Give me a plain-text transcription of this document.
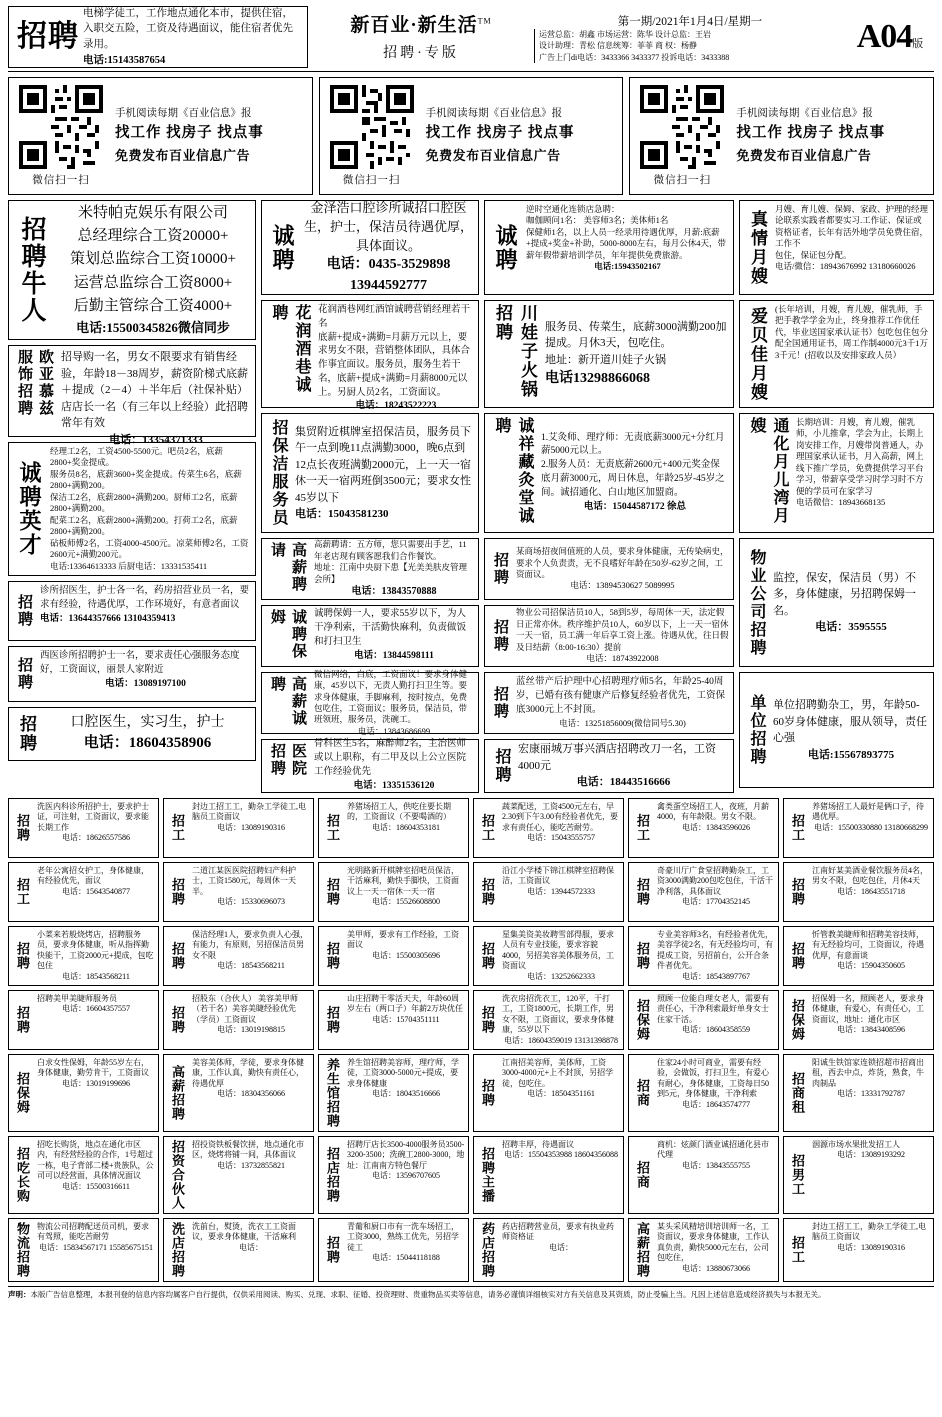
招聘
电梯学徒工，工作地点通化本市，提供住宿，入职交五险，工资及待遇面议，能住宿者优先录用。
电话:15143587654
新百业·新生活™
招聘·专版
第一期/2021年1月4日/星期一
运营总监：胡鑫 市场运营：陈华 设计总监：王岩
设计助理：青松 信息统筹：菲菲 商 权：杨静
广告上门di电话：3433366 3433377 投诉电话：3433388
A04版
微信扫一扫
手机阅读每期《百业信息》报
找工作 找房子 找点事
免费发布百业信息广告
微信扫一扫
手机阅读每期《百业信息》报
找工作 找房子 找点事
免费发布百业信息广告
微信扫一扫
手机阅读每期《百业信息》报
找工作 找房子 找点事
免费发布百业信息广告
招聘牛人
米特帕克娱乐有限公司
总经理综合工资20000+
策划总监综合工资10000+
运营总监综合工资8000+
后勤主管综合工资4000+
电话:15500345826微信同步
欧亚慕兹服饰招聘	招导购一名，男女不限要求有销售经验，年龄18－38周岁，薪资阶梯式底薪＋提成（2－4）＋半年后（社保补贴）店店长一名（有三年以上经验）此招聘常年有效
电话：13354371333
诚聘英才
经理工2名，工资4500-5500元。吧员2名，底薪2800+奖金提成。
服务员8名，底薪3600+奖金提成。传菜生6名，底薪2800+满勤200。
保洁工2名，底薪2800+满勤200。厨师工2名，底薪2800+满勤200。
配菜工2名，底薪2800+满勤200。打荷工2名，底薪2800+满勤200。
砧板师傅2名，工资4000-4500元。凉菜师傅2名，工资2600元+满勤200元。
电话:13364613333 后厨电话：13331535411
招聘
诊所招医生，护士各一名，药房招营业员一名，要求有经验，待遇优厚，工作环境好，有意者面议
电话：13644357666 13104359413
招聘
西医诊所招聘护士一名，要求责任心强服务态度好，工资面议，丽景人家附近
电话：13089197100
招聘	口腔医生，实习生，护士
电话：18604358906
诚聘
金泽浩口腔诊所诚招口腔医生，护士，保洁员待遇优厚，具体面议。
电话：0435-3529898 13944592777
花润酒巷诚聘	花润酒巷网红酒馆诚聘营销经理若干名
底薪+提成+满勤=月薪万元以上，要求男女不限，营销整体团队，具体合作事宜面议。服务员，服务生若干名，底薪+提成+满勤=月薪8000元以上。另厨人员2名，工资面议。
电话：18243522223
招保洁服务员 集贸附近棋牌室招保洁员，服务员下午一点到晚11点满勤3000，晚6点到12点长夜班满勤2000元，上一天一宿休一天一宿两班倒3500元；要求女性45岁以下
电话：15043581230
高薪聘请	高薪聘请：五方师，您只需要出手艺，11年老店现有顾客愿我们合作餐饮。
地址：江南中央厨下患【光美美肤皮管理会所】
电话：13843570888
诚聘保姆	诚聘保姆一人，要求55岁以下，为人干净利索，干活勤快麻利，负责做饭和打扫卫生
电话：13844598111
高薪诚聘
微信网络，白底，工资面议！要求身体健康，45岁以下，无责人勤打扫卫生等。要求身体健康，手脚麻利，按时按点，免费包吃住，工资面议；服务员，保洁员，带班领班，服务员，洗碗工。
电话：13843686699
医院招聘	骨科医生5名，麻醉师2名，主治医师或以上职称，有二甲及以上公立医院工作经验优先
电话：13351536120
诚聘
逆时空通化连锁店急聘：
咖伽顾问1名： 美容师3名；美体师1名
保健师1名，以上人员一经录用待遇优厚，月薪:底薪+提成+奖金+补助，5000-8000左右，每月公休4天，带薪年假带薪培训学员，年年提供免费旅游。
电话:15943502167
川娃子火锅招聘	服务员、传菜生，底薪3000满勤200加提成。月休3天，包吃住。
地址：新开道川娃子火锅
电话13298866068
诚祥藏灸堂诚聘
1.艾灸师、理疗师：无责底薪3000元+分红月薪5000元以上。
2.服务人员：无责底薪2600元+400元奖金保底月薪3000元，周日休息，年龄25岁-45岁之间。诚招通化、白山地区加盟商。
电话：15044587172 徐总
招聘
某商场招夜间值班的人员，要求身体健康，无传染病史，要求个人负责责，无不良嗜好年龄在50岁-62岁之间，工资面议。
电话：13894530627 5089995
招聘
物业公司招保洁员10人，58到5岁，每周休一天，法定假日正常亦休。秩序维护员10人，60岁以下，上一天一宿休一天一宿，员工满一年后享工资上涨。待遇从优，往日假及日结薪（8:00-16:30）提前
电话：18743922008
招聘
蓝丝带产后护理中心招聘理疗师5名，年龄25-40周岁，已婚有孩有健康产后修复经验者优先，工资保底3000元上不封顶。
电话：13251856009(微信同号5.30)
招聘 宏康丽城万事兴酒店招聘改刀一名，工资4000元
电话：18443516666
真情月嫂
月嫂、育儿嫂、保姆、家政、护理的经理论联系实践者都要实习.工作证、保证或资格证者，长年有活外地学员免费住宿，工作不
包住，保证包分配。
电话/微信：18943676992 13180660026
爱贝佳月嫂 (长年培训，月嫂，育儿嫂，催乳师，手把手教学学金为止，终身推荐工作优任代，毕业送国家承认证书）包吃包住包分配全国通用证书，周工作制4000元3千1万3千元！(招收以及安排家政人员）
通化月儿湾月嫂	长期培训：月嫂，育儿嫂，催乳师，小儿推拿，学会为止，长期上岗安排工作，月嫂带岗普通人，办理国家承认证书，月入高薪，网上线下推广学员，免费提供学习平台学习，带薪享受学习时学习时不方便的学员可在家学习
电话微信：18943668135
物业公司招聘 监控，保安，保洁员（男）不多，身体健康，另招聘保姆一名。
电话：3595555
单位招聘 单位招聘勤杂工，男，年龄50-60岁身体健康，服从领导，责任心强
电话:15567893775
招聘
洗医内科诊所招护士，要求护士证，可注射，工资面议，要求能长期工作
电话：18626557586	招工
封边工招工工，勤杂工学徒工,电脑员工资面议
电话：13089190316	招工
养猪场招工人，供吃住要长期的，工资面议（不要喝酒的）
电话：18604353181	招工
蔬菜配送，工资4500元左右，早2.30到下午3.00有经验者优先，要求有责任心，能吃苦耐劳。
电话：15043555757	招工
禽类蛋空场招工人，夜班，月薪4000，有年龄限。男女不限。
电话：13843596026	招工
养猪场招工人最好是俩口子，待遇优厚。
电话：15500330880 13180668299
招工
老年公寓招女护工，身体健康，有经验优先，面议
电话：15643540877	招聘
二道江某医医院招聘妇产科护士，工资1580元，每周休一天半。
电话：15330696073	招聘
光明路新开棋牌室招吧员保洁，干活麻利，勤快手脚快，工资面议上一天一宿休一天一宿
电话：15526608800	招聘
沿江小学楼下锦江棋牌室招聘保洁，工资面议
电话：13944572333	招聘
奇豪川厅广食堂招聘勤杂工，工资3000满勤200包吃包住，干活干净利落，具体面议
电话：17704352145	招聘
江南好某美酒业餐饮服务员4名，男女不限，包吃包住，月休4天
电话：18643551718
招聘
小菜来若般烧烤店，招聘服务员，要求身体健康，听从指挥勤快能干，工资2000元+提成，包吃包住
电话：18543568211
招聘
保洁经理1人，要求负责人心强，有能力，有原则，另招保洁员男女不限
电话：18543568211	招聘
美甲师，要求有工作经验，工资面议
电话：15500305696	招聘
星集美资美妆聘雪部得服，要求人员有专业技能，要求容貌4000，另招美容美体服务员，工资面议
电话：13252662333
招聘
专业美容师3名，有经验者优先，美容学徒2名，有无经验均可，有提成工资，另招前台，公开合条件者优先。
电话：18543897767
招聘
忻管教美睫师和招聘美容技师，有无经验均可，工资面议，待遇优厚，有意面谈
电话：15904350605
招聘
招聘美甲美睫师服务员
电话：16604357557	招聘
招股东（合伙人） 美容美甲师（若干名）美容美睫经验优先（学员）工资面议
电话：13019198815	招聘
山庄招聘干零活天夫，年龄60周岁左右（两口子）年薪2万块优任
电话：15704351111	招聘
洗衣房招洗衣工，120平，干打工，工资1800元，长期工作，男女不限，工资面议，要求身体健康，55岁以下
电话：18604359019 13131398878 招保姆
照顾一位能自理女老人，需要有责任心，干净利索最好单身女士住家干活。
电话：18604358559	招保姆
招保姆一名，照顾老人，要求身体健康，有爱心，有责任心，工资面议，地址：通化市区
电话：13843408596
招保姆
白求女性保姆，年龄55岁左右，身体健康，勤劳肯干，工资面议
电话：13019199696	高薪招聘
美容美体师，学徒，要求身体健康，工作认真，勤快有责任心，待遇优厚
电话：18304356066	养生馆招聘 养生馆招聘美容师，理疗师，学徒，工资3000-5000元+提成，要求身体健康
电话：18043516666	招聘
江南招美容师，美体师，工资3000-4000元+上不封顶，另招学徒，包吃住。
电话：18504351161	招商
住家24小时可商业，需要有经验，会做饭，打扫卫生，有爱心有耐心，身体健康，工资每日50到5元，身体健康，干净利索
电话：18643574777	招商租
阳诚生铁馆家连锁招超市招商出租，西去中点，炸货，熟食，牛肉制品
电话：13331792787
招吃长购
招吃长购货，地点在通化市区内，有经营经验的合作，1号超过一栋，电子背部二楼+贵族队，公司可以经营面，具体情况面议
电话：15500316611	招资合伙人 招投资铁板餐饮拼，地点通化市区，烧烤将铺一间，具体面议
电话：13732855821	招店招聘
招聘厅店长3500-4000服务员3500-3200-3500；洗碗工2800-3000，地址：江南南方特色餐厅
电话：13596707605	招聘主播
招聘丰厚，待遇面议
电话：15504353988 18604356088
招商
商机：炫颜门酒业诚招通化县市代理
电话：13843555755	招男工
洇源市场水果批发招工人
电话：13089193292
物流招聘 物流公司招聘配送员司机，要求有驾照，能吃苦耐劳
电话：15834567171 15585675151 洗店招聘 洗前台，熨烫，洗衣工工资面议，要求身体健康，干活麻利
电话：	招聘
青葡和厨口市有一洗车场招工，工资3000，熟练工优先，另招学徒工
电话：15044118188	药店招聘 药店招聘营业员，要求有执业药师资格证
电话：	高薪招聘 某头采风精培训培训师一名，工资面议，要求身体健康，工作认真负责，勤快5000元左右，公司包吃住，
电话：13880673066
招工
封边工招工工，勤杂工学徒工,电脑员工资面议
电话：13089190316
声明：本版广告信息整理，本报刊登的信息内容均属客户自行提供，仅供采用阅读、购买、兑现、求职、征婚、投资理财、贵重物品买卖等信息，请务必谨慎详细核实对方有关信息及其资质，防止受骗上当。凡因上述信息造成经济损失与本报无关。
